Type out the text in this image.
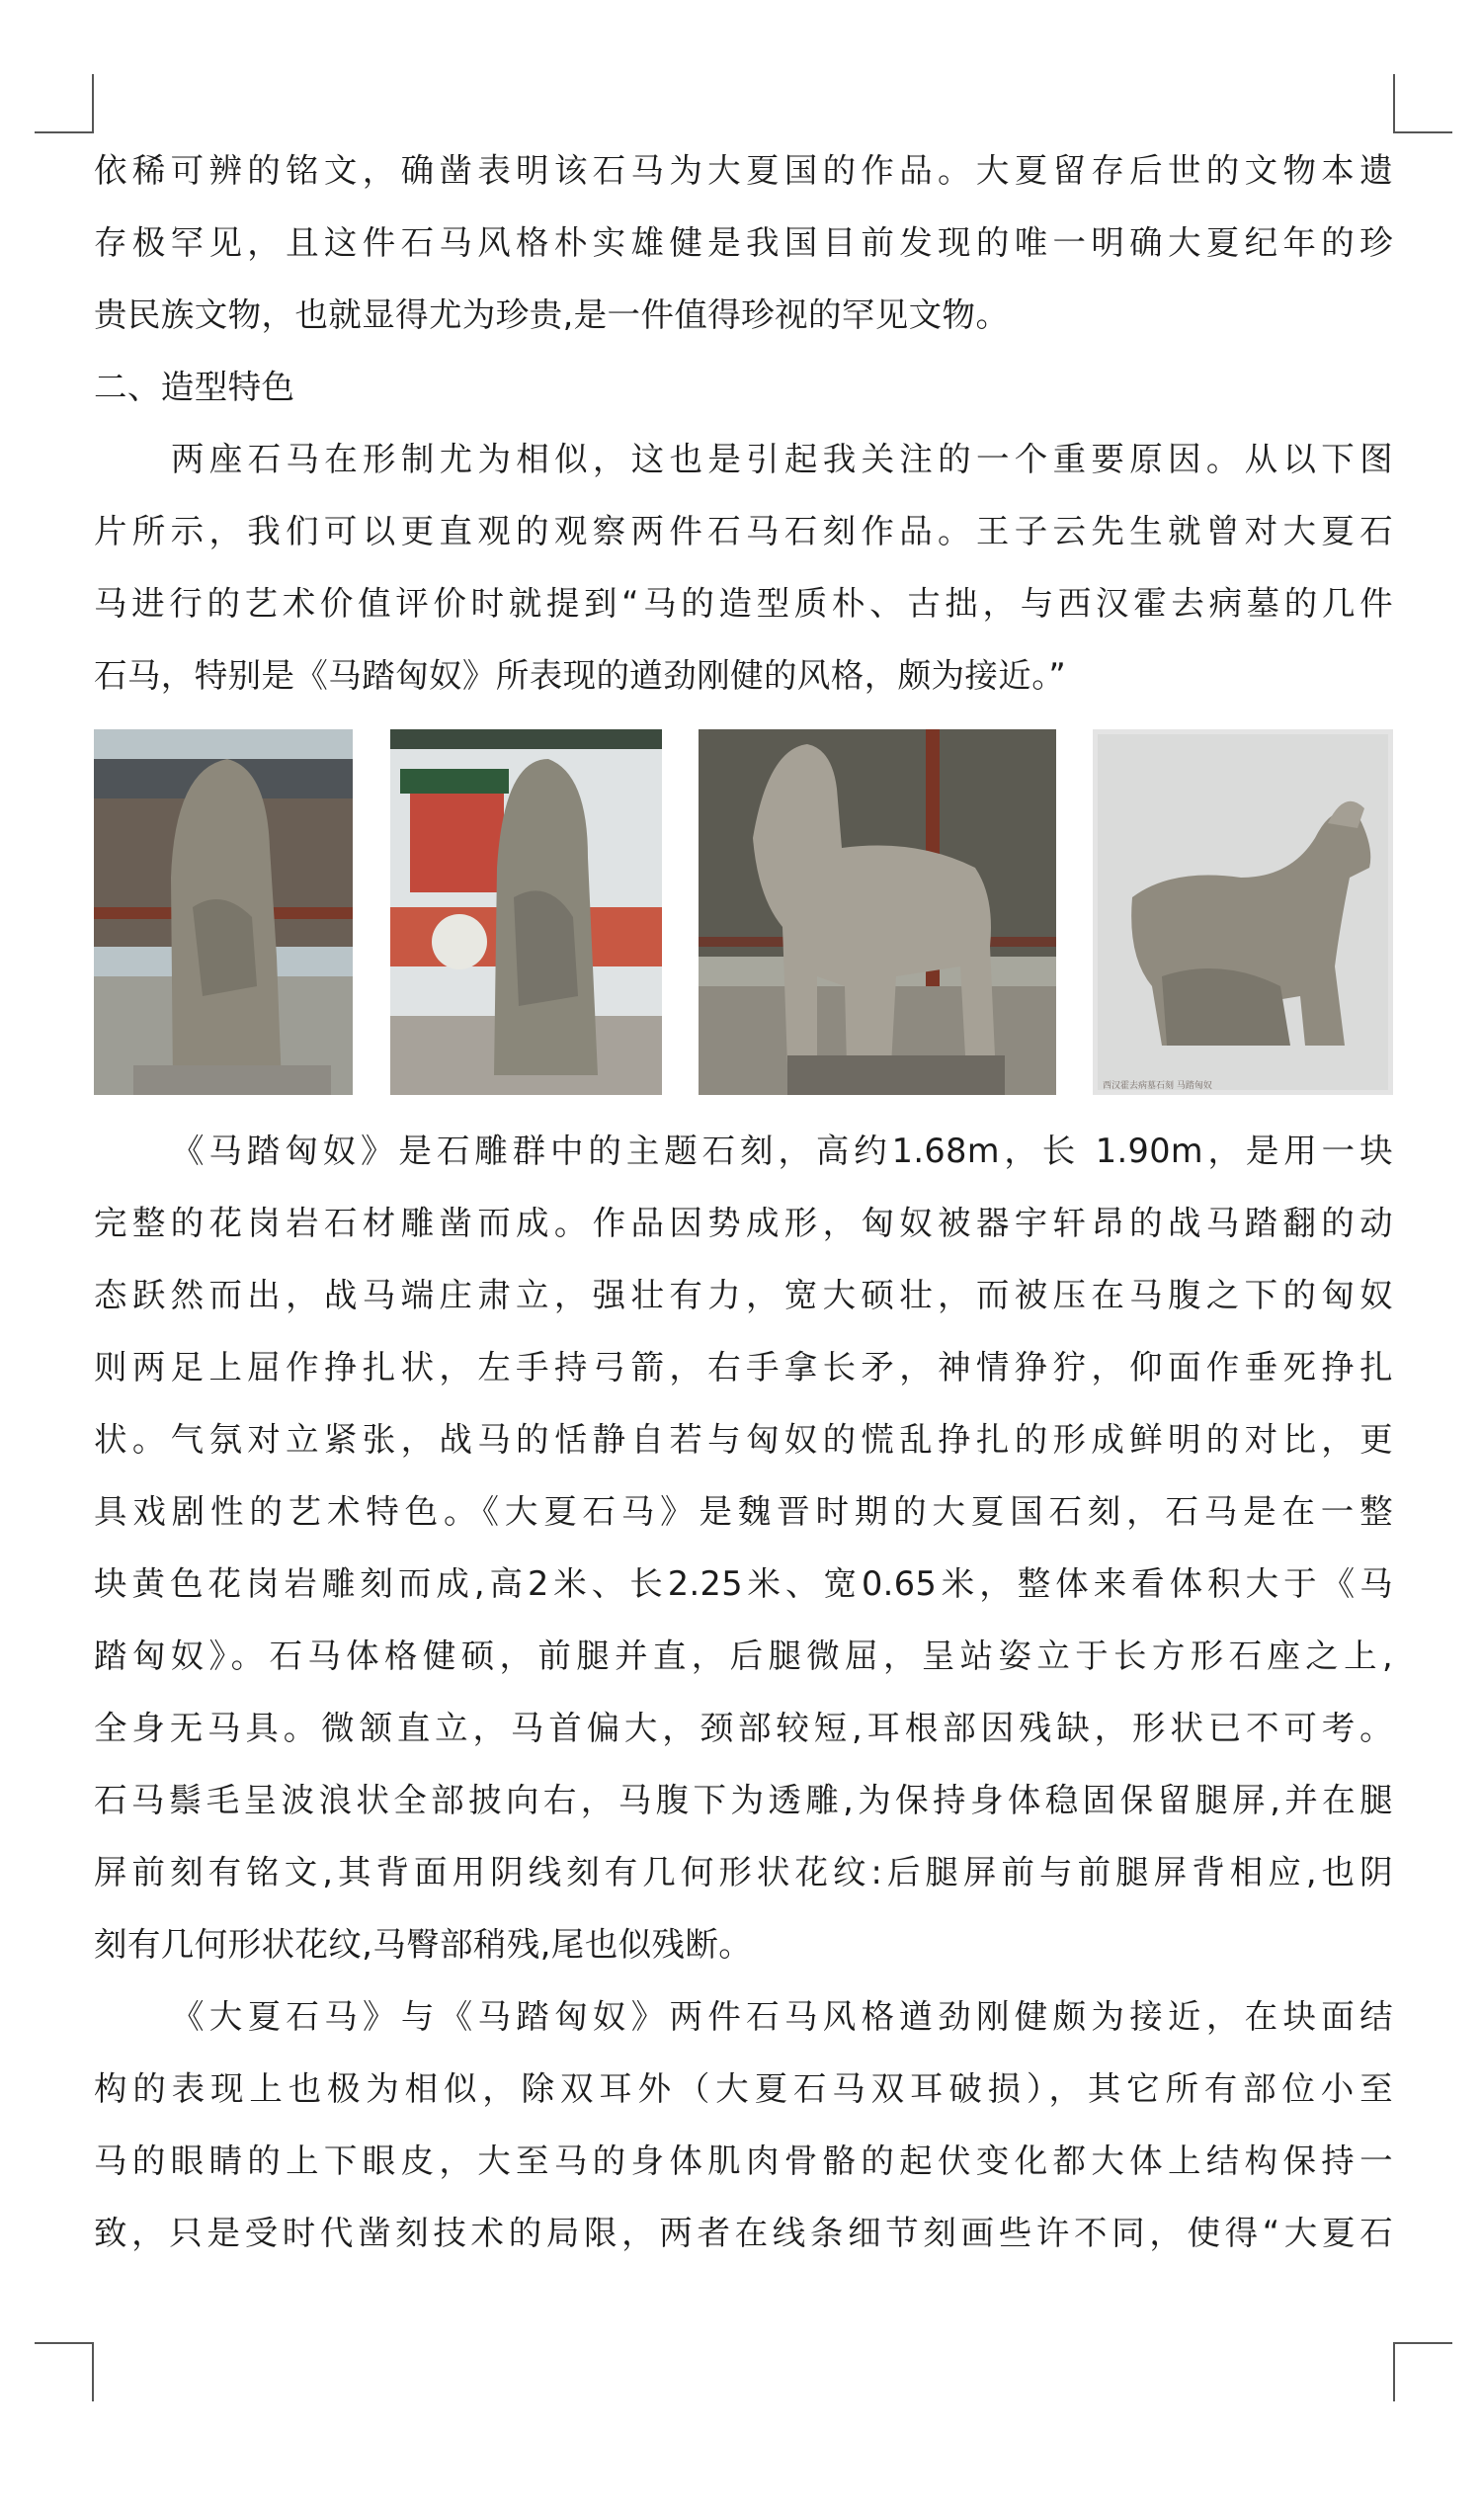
依稀可辨的铭文，确凿表明该石马为大夏国的作品。大夏留存后世的文物本遗
存极罕见，且这件石马风格朴实雄健是我国目前发现的唯一明确大夏纪年的珍
贵民族文物，也就显得尤为珍贵,是一件值得珍视的罕见文物。
二、造型特色
两座石马在形制尤为相似，这也是引起我关注的一个重要原因。从以下图
片所示，我们可以更直观的观察两件石马石刻作品。王子云先生就曾对大夏石
马进行的艺术价值评价时就提到“马的造型质朴、古拙，与西汉霍去病墓的几件
石马，特别是《马踏匈奴》所表现的遒劲刚健的风格，颇为接近。”
西汉霍去病墓石刻 马踏匈奴
《马踏匈奴》是石雕群中的主题石刻，高约1.68m，长 1.90m，是用一块
完整的花岗岩石材雕凿而成。作品因势成形，匈奴被器宇轩昂的战马踏翻的动
态跃然而出，战马端庄肃立，强壮有力，宽大硕壮，而被压在马腹之下的匈奴
则两足上屈作挣扎状，左手持弓箭，右手拿长矛，神情狰狞，仰面作垂死挣扎
状。气氛对立紧张，战马的恬静自若与匈奴的慌乱挣扎的形成鲜明的对比，更
具戏剧性的艺术特色。《大夏石马》是魏晋时期的大夏国石刻，石马是在一整
块黄色花岗岩雕刻而成,高2米、长2.25米、宽0.65米，整体来看体积大于《马
踏匈奴》。石马体格健硕，前腿并直，后腿微屈，呈站姿立于长方形石座之上,
全身无马具。微颔直立，马首偏大，颈部较短,耳根部因残缺，形状已不可考。
石马鬃毛呈波浪状全部披向右，马腹下为透雕,为保持身体稳固保留腿屏,并在腿
屏前刻有铭文,其背面用阴线刻有几何形状花纹:后腿屏前与前腿屏背相应,也阴
刻有几何形状花纹,马臀部稍残,尾也似残断。
《大夏石马》与《马踏匈奴》两件石马风格遒劲刚健颇为接近，在块面结
构的表现上也极为相似，除双耳外（大夏石马双耳破损），其它所有部位小至
马的眼睛的上下眼皮，大至马的身体肌肉骨骼的起伏变化都大体上结构保持一
致，只是受时代凿刻技术的局限，两者在线条细节刻画些许不同，使得“大夏石
